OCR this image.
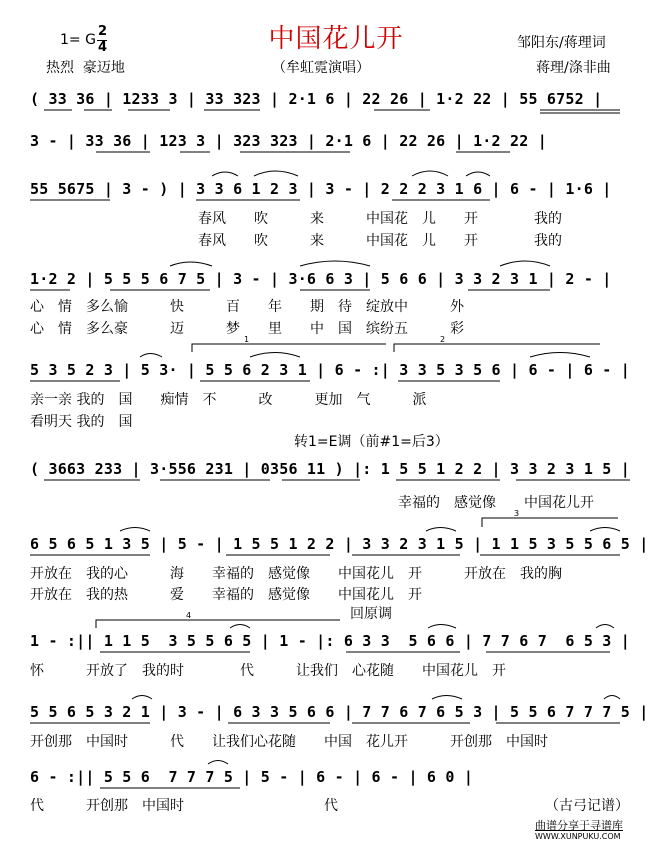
中国花儿开
1= G
2
4
热烈  豪迈地	（牟虹霓演唱）
邹阳东/蒋理词
蒋理/涤非曲
( 33 36 | 1233 3 | 33 323 | 2·1 6 | 22 26 | 1·2 22 | 55 6752 |
3 - | 33 36 | 123 3 | 323 323 | 2·1 6 | 22 26 | 1·2 22 |
55 5675 | 3 - ) | 3 3 6 1 2 3 | 3 - | 2 2 2 3 1 6 | 6 - | 1·6 |
春风　　吹　　　来　　　中国花　儿　　开　　　　我的
春风　　吹　　　来　　　中国花　儿　　开　　　　我的
1·2 2 | 5 5 5 6 7 5 | 3 - | 3·6 6 3 | 5 6 6 | 3 3 2 3 1 | 2 - |
心　情　多么愉　　　快　　　百　　年　　期　待　绽放中　　　外
心　情　多么豪　　　迈　　　梦　　里　　中　国　缤纷五　　　彩
5 3 5 2 3 | 5 3· | 5 5 6 2 3 1 | 6 - :| 3 3 5 3 5 6 | 6 - | 6 - |
亲一亲 我的　国　　痴情　不　　　改　　　更加　气　　　派
看明天 我的　国
转1=E调（前#1=后3）
( 3663 233 | 3·556 231 | 0356 11 ) |: 1 5 5 1 2 2 | 3 3 2 3 1 5 |
幸福的　感觉像　　中国花儿开
6 5 6 5 1 3 5 | 5 - | 1 5 5 1 2 2 | 3 3 2 3 1 5 | 1 1 5 3 5 5 6 5 |
开放在　我的心　　　海　　幸福的　感觉像　　中国花儿　开　　　开放在　我的胸
开放在　我的热　　　爱　　幸福的　感觉像　　中国花儿　开
回原调
1 - :|| 1 1 5  3 5 5 6 5 | 1 - |: 6 3 3  5 6 6 | 7 7 6 7  6 5 3 |
怀　　　开放了　我的时　　　　代　　　让我们　心花随　　中国花儿　开
5 5 6 5 3 2 1 | 3 - | 6 3 3 5 6 6 | 7 7 6 7 6 5 3 | 5 5 6 7 7 7 5 |
开创那　中国时　　　代　　让我们心花随　　中国　花儿开　　　开创那　中国时
6 - :|| 5 5 6  7 7 7 5 | 5 - | 6 - | 6 - | 6 0 |
代　　　开创那　中国时　　　　　　　　　　代	（古弓记谱）
曲谱分享于寻谱库
WWW.XUNPUKU.COM
1	2
3
4
